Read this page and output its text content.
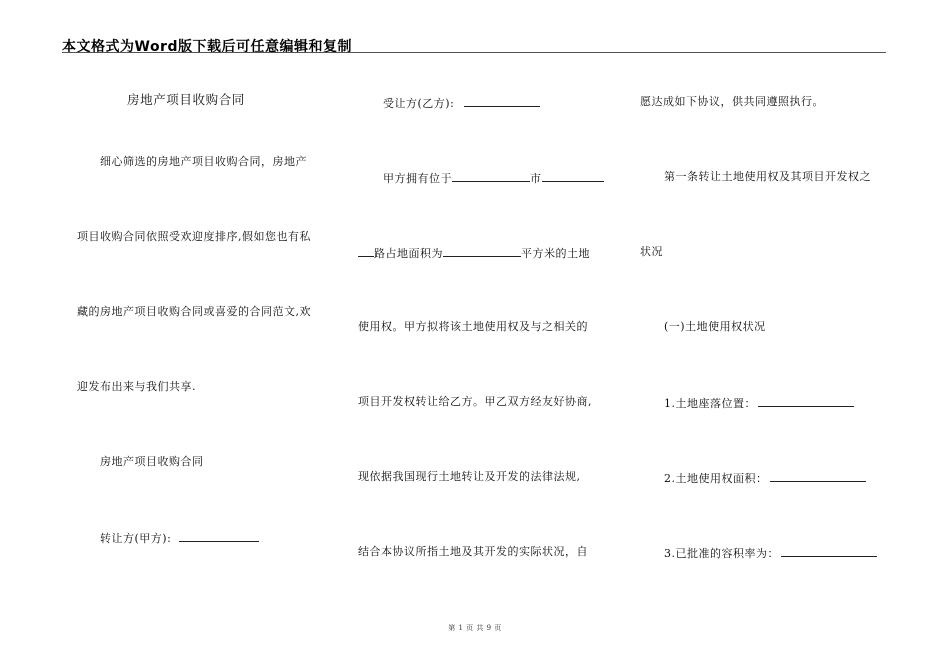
本文格式为Word版下载后可任意编辑和复制
房地产项目收购合同
细心筛选的房地产项目收购合同，房地产
项目收购合同依照受欢迎度排序,假如您也有私
藏的房地产项目收购合同或喜爱的合同范文,欢
迎发布出来与我们共享.
房地产项目收购合同
转让方(甲方):
受让方(乙方):
甲方拥有位于	市
路占地面积为	平方米的土地
使用权。甲方拟将该土地使用权及与之相关的
项目开发权转让给乙方。甲乙双方经友好协商,
现依据我国现行土地转让及开发的法律法规,
结合本协议所指土地及其开发的实际状况，自
愿达成如下协议，供共同遵照执行。
第一条转让土地使用权及其项目开发权之
状况
(一)土地使用权状况
1.土地座落位置：
2.土地使用权面积：
3.已批准的容积率为：
第 1 页 共 9 页
